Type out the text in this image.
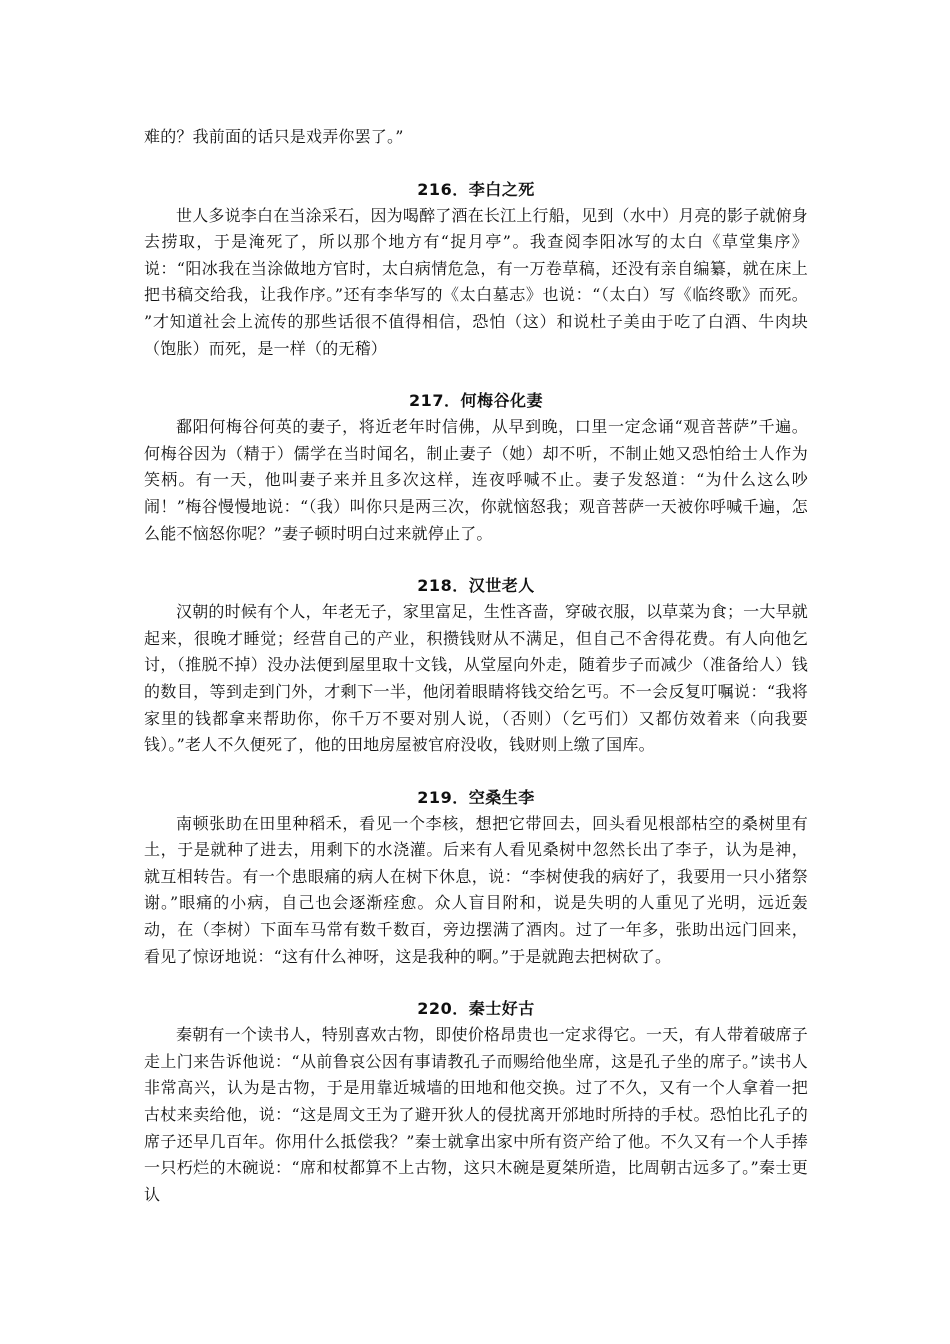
难的？我前面的话只是戏弄你罢了。”

216．李白之死

世人多说李白在当涂采石，因为喝醉了酒在长江上行船，见到（水中）月亮的影子就俯身去捞取，于是淹死了，所以那个地方有“捉月亭”。我查阅李阳冰写的太白《草堂集序》说：“阳冰我在当涂做地方官时，太白病情危急，有一万卷草稿，还没有亲自编纂，就在床上把书稿交给我，让我作序。”还有李华写的《太白墓志》也说：“（太白）写《临终歌》而死。 ”才知道社会上流传的那些话很不值得相信，恐怕（这）和说杜子美由于吃了白酒、牛肉块（饱胀）而死，是一样（的无稽）

217．何梅谷化妻

鄱阳何梅谷何英的妻子，将近老年时信佛，从早到晚，口里一定念诵“观音菩萨”千遍。何梅谷因为（精于）儒学在当时闻名，制止妻子（她）却不听，不制止她又恐怕给士人作为笑柄。有一天，他叫妻子来并且多次这样，连夜呼喊不止。妻子发怒道：“为什么这么吵闹！”梅谷慢慢地说：“（我）叫你只是两三次，你就恼怒我；观音菩萨一天被你呼喊千遍，怎么能不恼怒你呢？”妻子顿时明白过来就停止了。

218．汉世老人

汉朝的时候有个人，年老无子，家里富足，生性吝啬，穿破衣服，以草菜为食；一大早就起来，很晚才睡觉；经营自己的产业，积攒钱财从不满足，但自己不舍得花费。有人向他乞讨，（推脱不掉）没办法便到屋里取十文钱，从堂屋向外走，随着步子而减少（准备给人）钱的数目，等到走到门外，才剩下一半，他闭着眼睛将钱交给乞丐。不一会反复叮嘱说：“我将家里的钱都拿来帮助你，你千万不要对别人说，（否则）（乞丐们）又都仿效着来（向我要钱）。”老人不久便死了，他的田地房屋被官府没收，钱财则上缴了国库。

219．空桑生李

南顿张助在田里种稻禾，看见一个李核，想把它带回去，回头看见根部枯空的桑树里有土，于是就种了进去，用剩下的水浇灌。后来有人看见桑树中忽然长出了李子，认为是神，就互相转告。有一个患眼痛的病人在树下休息，说：“李树使我的病好了，我要用一只小猪祭谢。”眼痛的小病，自己也会逐渐痊愈。众人盲目附和，说是失明的人重见了光明，远近轰动，在（李树）下面车马常有数千数百，旁边摆满了酒肉。过了一年多，张助出远门回来，看见了惊讶地说：“这有什么神呀，这是我种的啊。”于是就跑去把树砍了。

220．秦士好古

秦朝有一个读书人，特别喜欢古物，即使价格昂贵也一定求得它。一天，有人带着破席子走上门来告诉他说：“从前鲁哀公因有事请教孔子而赐给他坐席，这是孔子坐的席子。”读书人非常高兴，认为是古物，于是用靠近城墙的田地和他交换。过了不久，又有一个人拿着一把古杖来卖给他，说：“这是周文王为了避开狄人的侵扰离开邠地时所持的手杖。恐怕比孔子的席子还早几百年。你用什么抵偿我？”秦士就拿出家中所有资产给了他。不久又有一个人手捧一只朽烂的木碗说：“席和杖都算不上古物，这只木碗是夏桀所造，比周朝古远多了。”秦士更认
